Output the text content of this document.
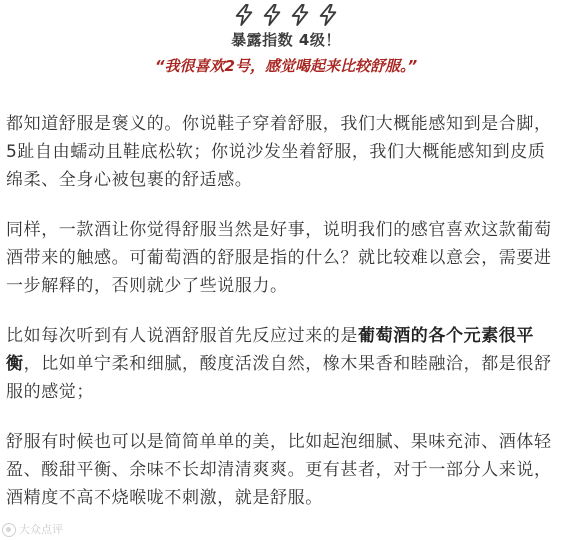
暴露指数 4级！
“我很喜欢2号，感觉喝起来比较舒服。”

都知道舒服是褒义的。你说鞋子穿着舒服，我们大概能感知到是合脚，5趾自由蠕动且鞋底松软；你说沙发坐着舒服，我们大概能感知到皮质绵柔、全身心被包裹的舒适感。

同样，一款酒让你觉得舒服当然是好事，说明我们的感官喜欢这款葡萄酒带来的触感。可葡萄酒的舒服是指的什么？就比较难以意会，需要进一步解释的，否则就少了些说服力。

比如每次听到有人说酒舒服首先反应过来的是葡萄酒的各个元素很平衡，比如单宁柔和细腻，酸度活泼自然，橡木果香和睦融洽，都是很舒服的感觉；

舒服有时候也可以是简简单单的美，比如起泡细腻、果味充沛、酒体轻盈、酸甜平衡、余味不长却清清爽爽。更有甚者，对于一部分人来说，酒精度不高不烧喉咙不刺激，就是舒服。

大众点评
